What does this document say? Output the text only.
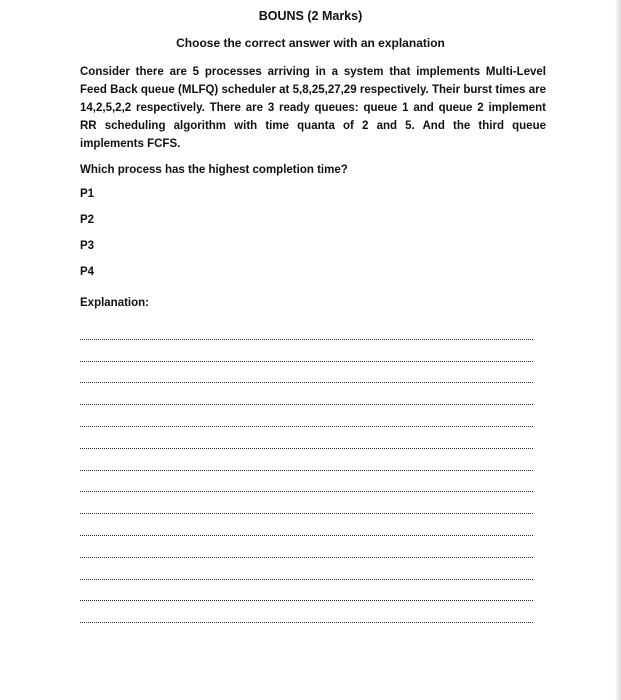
BOUNS (2 Marks)
Choose the correct answer with an explanation

Consider there are 5 processes arriving in a system that implements Multi-Level Feed Back queue (MLFQ) scheduler at 5,8,25,27,29 respectively. Their burst times are 14,2,5,2,2 respectively. There are 3 ready queues: queue 1 and queue 2 implement RR scheduling algorithm with time quanta of 2 and 5. And the third queue implements FCFS.

Which process has the highest completion time?

P1
P2
P3
P4
Explanation:
